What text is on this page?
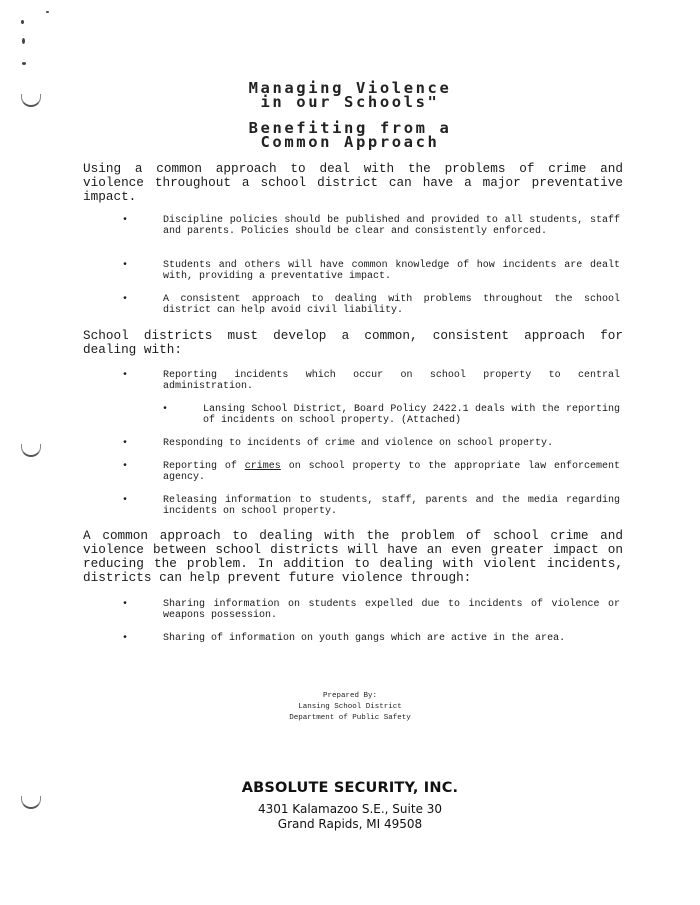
Managing Violence
in our Schools"
Benefiting from a
Common Approach
Using a common approach to deal with the problems of crime and violence throughout a school district can have a major preventative impact.
•	Discipline policies should be published and provided to all students, staff and parents. Policies should be clear and consistently enforced.
•	Students and others will have common knowledge of how incidents are dealt with, providing a preventative impact.
•	A consistent approach to dealing with problems throughout the school district can help avoid civil liability.
School districts must develop a common, consistent approach for dealing with:
•	Reporting incidents which occur on school property to central administration.
•	Lansing School District, Board Policy 2422.1 deals with the reporting of incidents on school property. (Attached)
•	Responding to incidents of crime and violence on school property.
•	Reporting of crimes on school property to the appropriate law enforcement agency.
•	Releasing information to students, staff, parents and the media regarding incidents on school property.
A common approach to dealing with the problem of school crime and violence between school districts will have an even greater impact on reducing the problem. In addition to dealing with violent incidents, districts can help prevent future violence through:
•	Sharing information on students expelled due to incidents of violence or weapons possession.
•	Sharing of information on youth gangs which are active in the area.
Prepared By:
Lansing School District
Department of Public Safety
ABSOLUTE SECURITY, INC.
4301 Kalamazoo S.E., Suite 30
Grand Rapids, MI 49508
